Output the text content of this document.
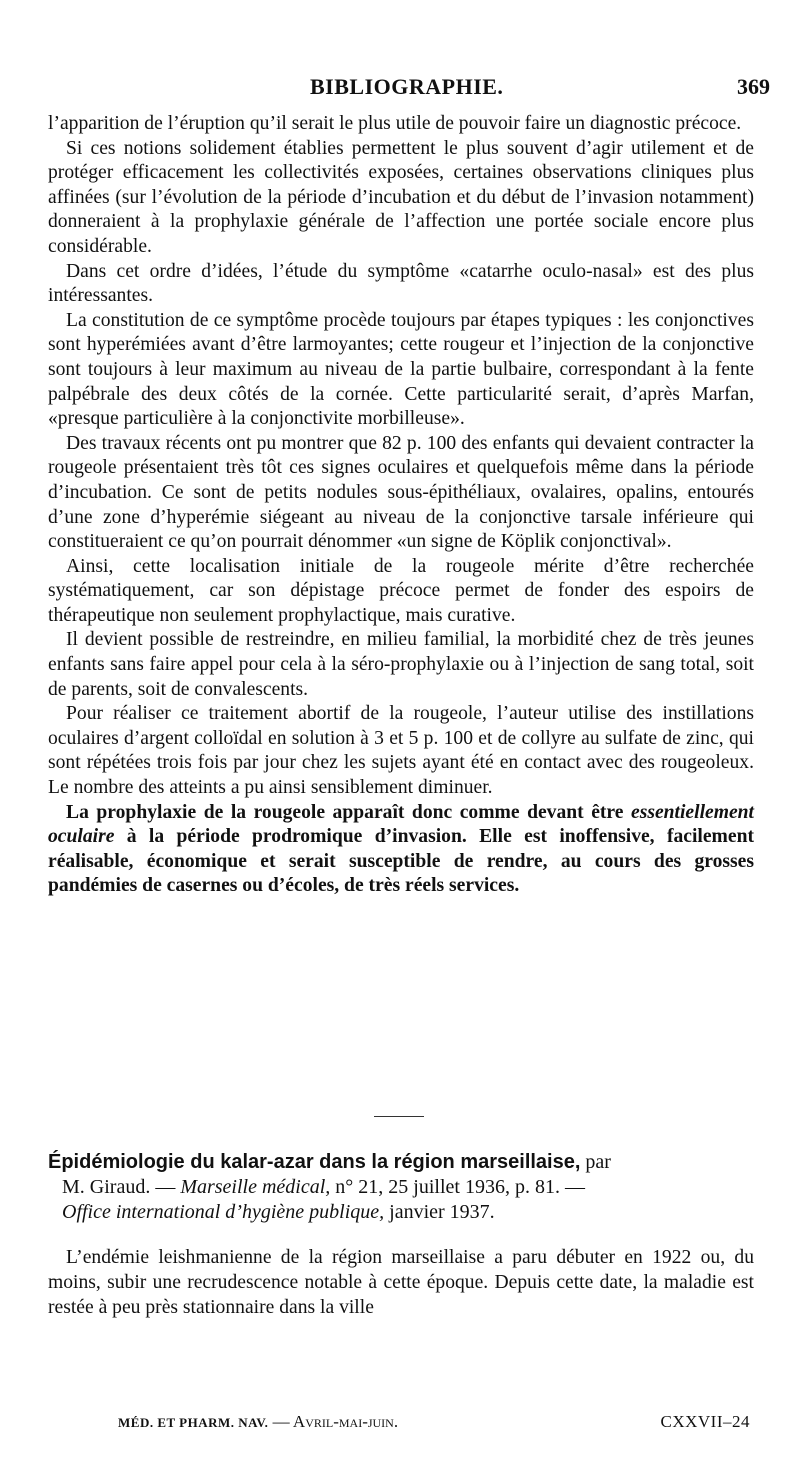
BIBLIOGRAPHIE.	369

l’apparition de l’éruption qu’il serait le plus utile de pouvoir faire un diagnostic précoce.

Si ces notions solidement établies permettent le plus souvent d’agir utilement et de protéger efficacement les collectivités exposées, certaines observations cliniques plus affinées (sur l’évolution de la période d’incubation et du début de l’invasion notamment) donneraient à la prophylaxie générale de l’affection une portée sociale encore plus considérable.

Dans cet ordre d’idées, l’étude du symptôme «catarrhe oculo-nasal» est des plus intéressantes.

La constitution de ce symptôme procède toujours par étapes typiques : les conjonctives sont hyperémiées avant d’être larmoyantes; cette rougeur et l’injection de la conjonctive sont toujours à leur maximum au niveau de la partie bulbaire, correspondant à la fente palpébrale des deux côtés de la cornée. Cette particularité serait, d’après Marfan, «presque particulière à la conjonctivite morbilleuse».

Des travaux récents ont pu montrer que 82 p. 100 des enfants qui devaient contracter la rougeole présentaient très tôt ces signes oculaires et quelquefois même dans la période d’incubation. Ce sont de petits nodules sous-épithéliaux, ovalaires, opalins, entourés d’une zone d’hyperémie siégeant au niveau de la conjonctive tarsale inférieure qui constitueraient ce qu’on pourrait dénommer «un signe de Köplik conjonctival».

Ainsi, cette localisation initiale de la rougeole mérite d’être recherchée systématiquement, car son dépistage précoce permet de fonder des espoirs de thérapeutique non seulement prophylactique, mais curative.

Il devient possible de restreindre, en milieu familial, la morbidité chez de très jeunes enfants sans faire appel pour cela à la séro-prophylaxie ou à l’injection de sang total, soit de parents, soit de convalescents.

Pour réaliser ce traitement abortif de la rougeole, l’auteur utilise des instillations oculaires d’argent colloïdal en solution à 3 et 5 p. 100 et de collyre au sulfate de zinc, qui sont répétées trois fois par jour chez les sujets ayant été en contact avec des rougeoleux. Le nombre des atteints a pu ainsi sensiblement diminuer.

La prophylaxie de la rougeole apparaît donc comme devant être essentiellement oculaire à la période prodromique d’invasion. Elle est inoffensive, facilement réalisable, économique et serait susceptible de rendre, au cours des grosses pandémies de casernes ou d’écoles, de très réels services.

Épidémiologie du kalar-azar dans la région marseillaise, par
M. Giraud. — Marseille médical, n° 21, 25 juillet 1936, p. 81. —
Office international d’hygiène publique, janvier 1937.

L’endémie leishmanienne de la région marseillaise a paru débuter en 1922 ou, du moins, subir une recrudescence notable à cette époque. Depuis cette date, la maladie est restée à peu près stationnaire dans la ville

MÉD. ET PHARM. NAV. — Avril-mai-juin.	CXXVII–24
